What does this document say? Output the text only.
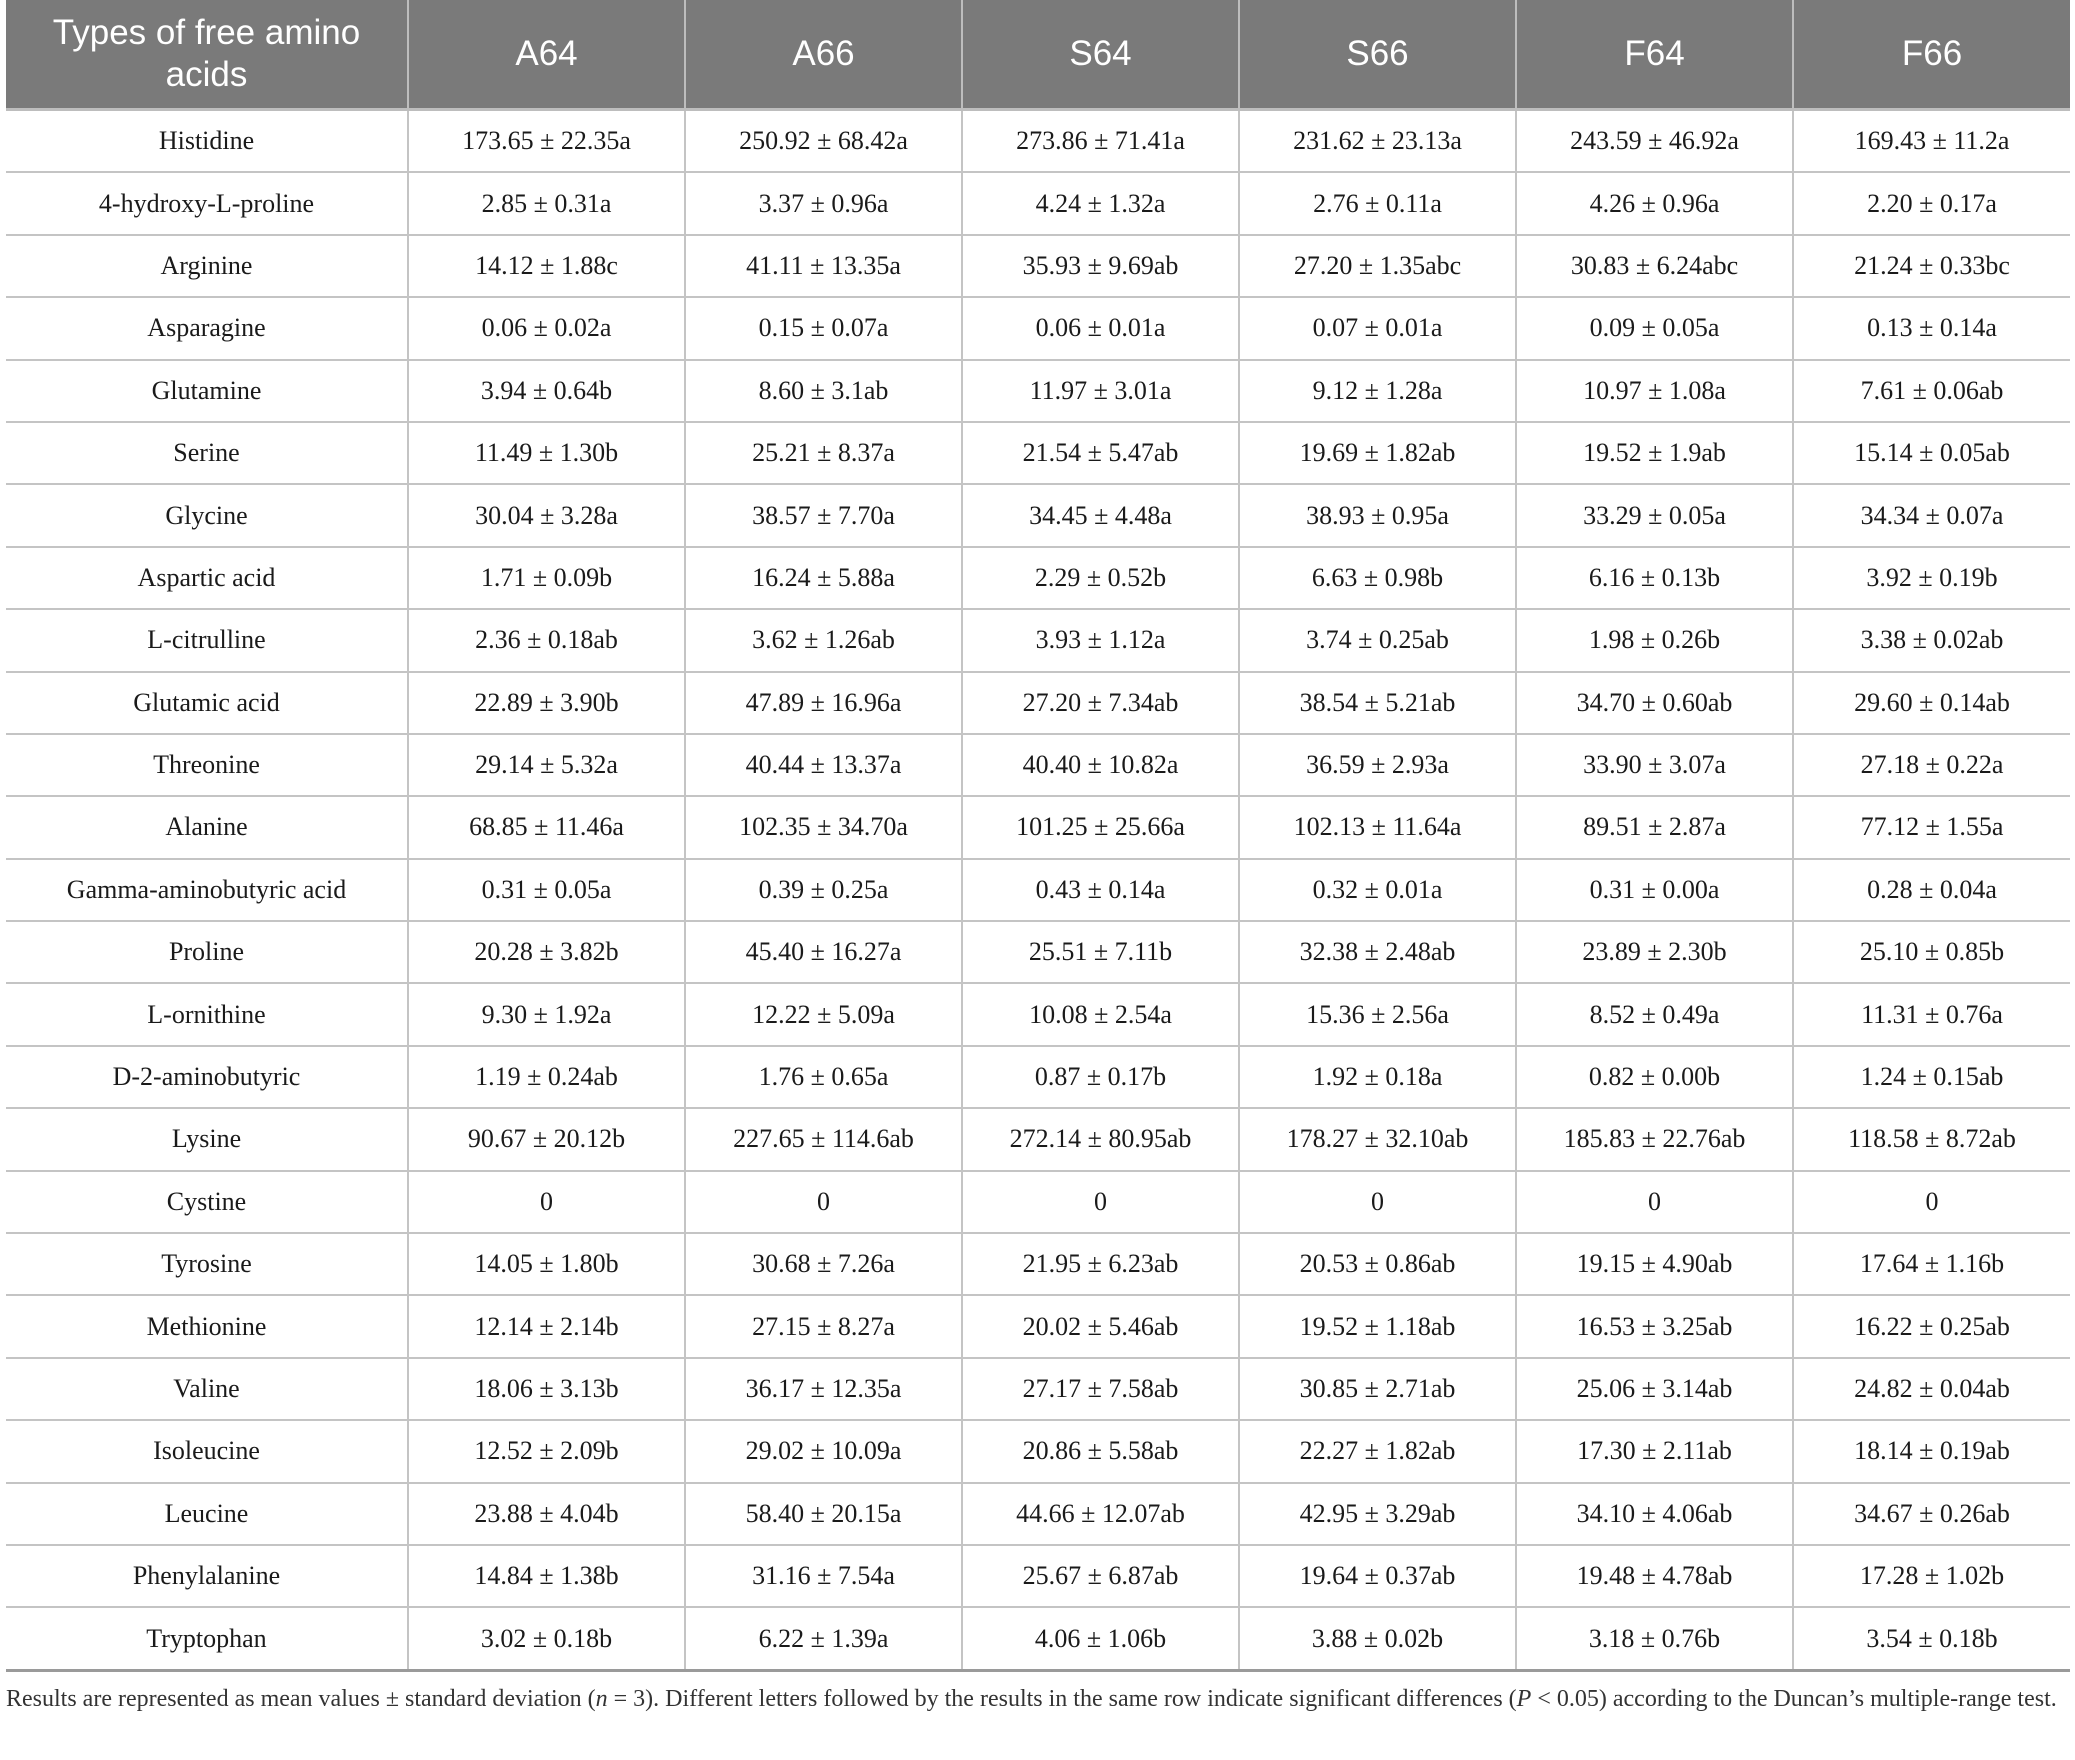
Types of free amino acids	A64	A66	S64	S66	F64	F66
Histidine	173.65 ± 22.35a	250.92 ± 68.42a	273.86 ± 71.41a	231.62 ± 23.13a	243.59 ± 46.92a	169.43 ± 11.2a
4-hydroxy-L-proline	2.85 ± 0.31a	3.37 ± 0.96a	4.24 ± 1.32a	2.76 ± 0.11a	4.26 ± 0.96a	2.20 ± 0.17a
Arginine	14.12 ± 1.88c	41.11 ± 13.35a	35.93 ± 9.69ab	27.20 ± 1.35abc	30.83 ± 6.24abc	21.24 ± 0.33bc
Asparagine	0.06 ± 0.02a	0.15 ± 0.07a	0.06 ± 0.01a	0.07 ± 0.01a	0.09 ± 0.05a	0.13 ± 0.14a
Glutamine	3.94 ± 0.64b	8.60 ± 3.1ab	11.97 ± 3.01a	9.12 ± 1.28a	10.97 ± 1.08a	7.61 ± 0.06ab
Serine	11.49 ± 1.30b	25.21 ± 8.37a	21.54 ± 5.47ab	19.69 ± 1.82ab	19.52 ± 1.9ab	15.14 ± 0.05ab
Glycine	30.04 ± 3.28a	38.57 ± 7.70a	34.45 ± 4.48a	38.93 ± 0.95a	33.29 ± 0.05a	34.34 ± 0.07a
Aspartic acid	1.71 ± 0.09b	16.24 ± 5.88a	2.29 ± 0.52b	6.63 ± 0.98b	6.16 ± 0.13b	3.92 ± 0.19b
L-citrulline	2.36 ± 0.18ab	3.62 ± 1.26ab	3.93 ± 1.12a	3.74 ± 0.25ab	1.98 ± 0.26b	3.38 ± 0.02ab
Glutamic acid	22.89 ± 3.90b	47.89 ± 16.96a	27.20 ± 7.34ab	38.54 ± 5.21ab	34.70 ± 0.60ab	29.60 ± 0.14ab
Threonine	29.14 ± 5.32a	40.44 ± 13.37a	40.40 ± 10.82a	36.59 ± 2.93a	33.90 ± 3.07a	27.18 ± 0.22a
Alanine	68.85 ± 11.46a	102.35 ± 34.70a	101.25 ± 25.66a	102.13 ± 11.64a	89.51 ± 2.87a	77.12 ± 1.55a
Gamma-aminobutyric acid	0.31 ± 0.05a	0.39 ± 0.25a	0.43 ± 0.14a	0.32 ± 0.01a	0.31 ± 0.00a	0.28 ± 0.04a
Proline	20.28 ± 3.82b	45.40 ± 16.27a	25.51 ± 7.11b	32.38 ± 2.48ab	23.89 ± 2.30b	25.10 ± 0.85b
L-ornithine	9.30 ± 1.92a	12.22 ± 5.09a	10.08 ± 2.54a	15.36 ± 2.56a	8.52 ± 0.49a	11.31 ± 0.76a
D-2-aminobutyric	1.19 ± 0.24ab	1.76 ± 0.65a	0.87 ± 0.17b	1.92 ± 0.18a	0.82 ± 0.00b	1.24 ± 0.15ab
Lysine	90.67 ± 20.12b	227.65 ± 114.6ab	272.14 ± 80.95ab	178.27 ± 32.10ab	185.83 ± 22.76ab	118.58 ± 8.72ab
Cystine	0	0	0	0	0	0
Tyrosine	14.05 ± 1.80b	30.68 ± 7.26a	21.95 ± 6.23ab	20.53 ± 0.86ab	19.15 ± 4.90ab	17.64 ± 1.16b
Methionine	12.14 ± 2.14b	27.15 ± 8.27a	20.02 ± 5.46ab	19.52 ± 1.18ab	16.53 ± 3.25ab	16.22 ± 0.25ab
Valine	18.06 ± 3.13b	36.17 ± 12.35a	27.17 ± 7.58ab	30.85 ± 2.71ab	25.06 ± 3.14ab	24.82 ± 0.04ab
Isoleucine	12.52 ± 2.09b	29.02 ± 10.09a	20.86 ± 5.58ab	22.27 ± 1.82ab	17.30 ± 2.11ab	18.14 ± 0.19ab
Leucine	23.88 ± 4.04b	58.40 ± 20.15a	44.66 ± 12.07ab	42.95 ± 3.29ab	34.10 ± 4.06ab	34.67 ± 0.26ab
Phenylalanine	14.84 ± 1.38b	31.16 ± 7.54a	25.67 ± 6.87ab	19.64 ± 0.37ab	19.48 ± 4.78ab	17.28 ± 1.02b
Tryptophan	3.02 ± 0.18b	6.22 ± 1.39a	4.06 ± 1.06b	3.88 ± 0.02b	3.18 ± 0.76b	3.54 ± 0.18b
Results are represented as mean values ± standard deviation (n = 3). Different letters followed by the results in the same row indicate significant differences (P < 0.05) according to the Duncan’s multiple-range test.
